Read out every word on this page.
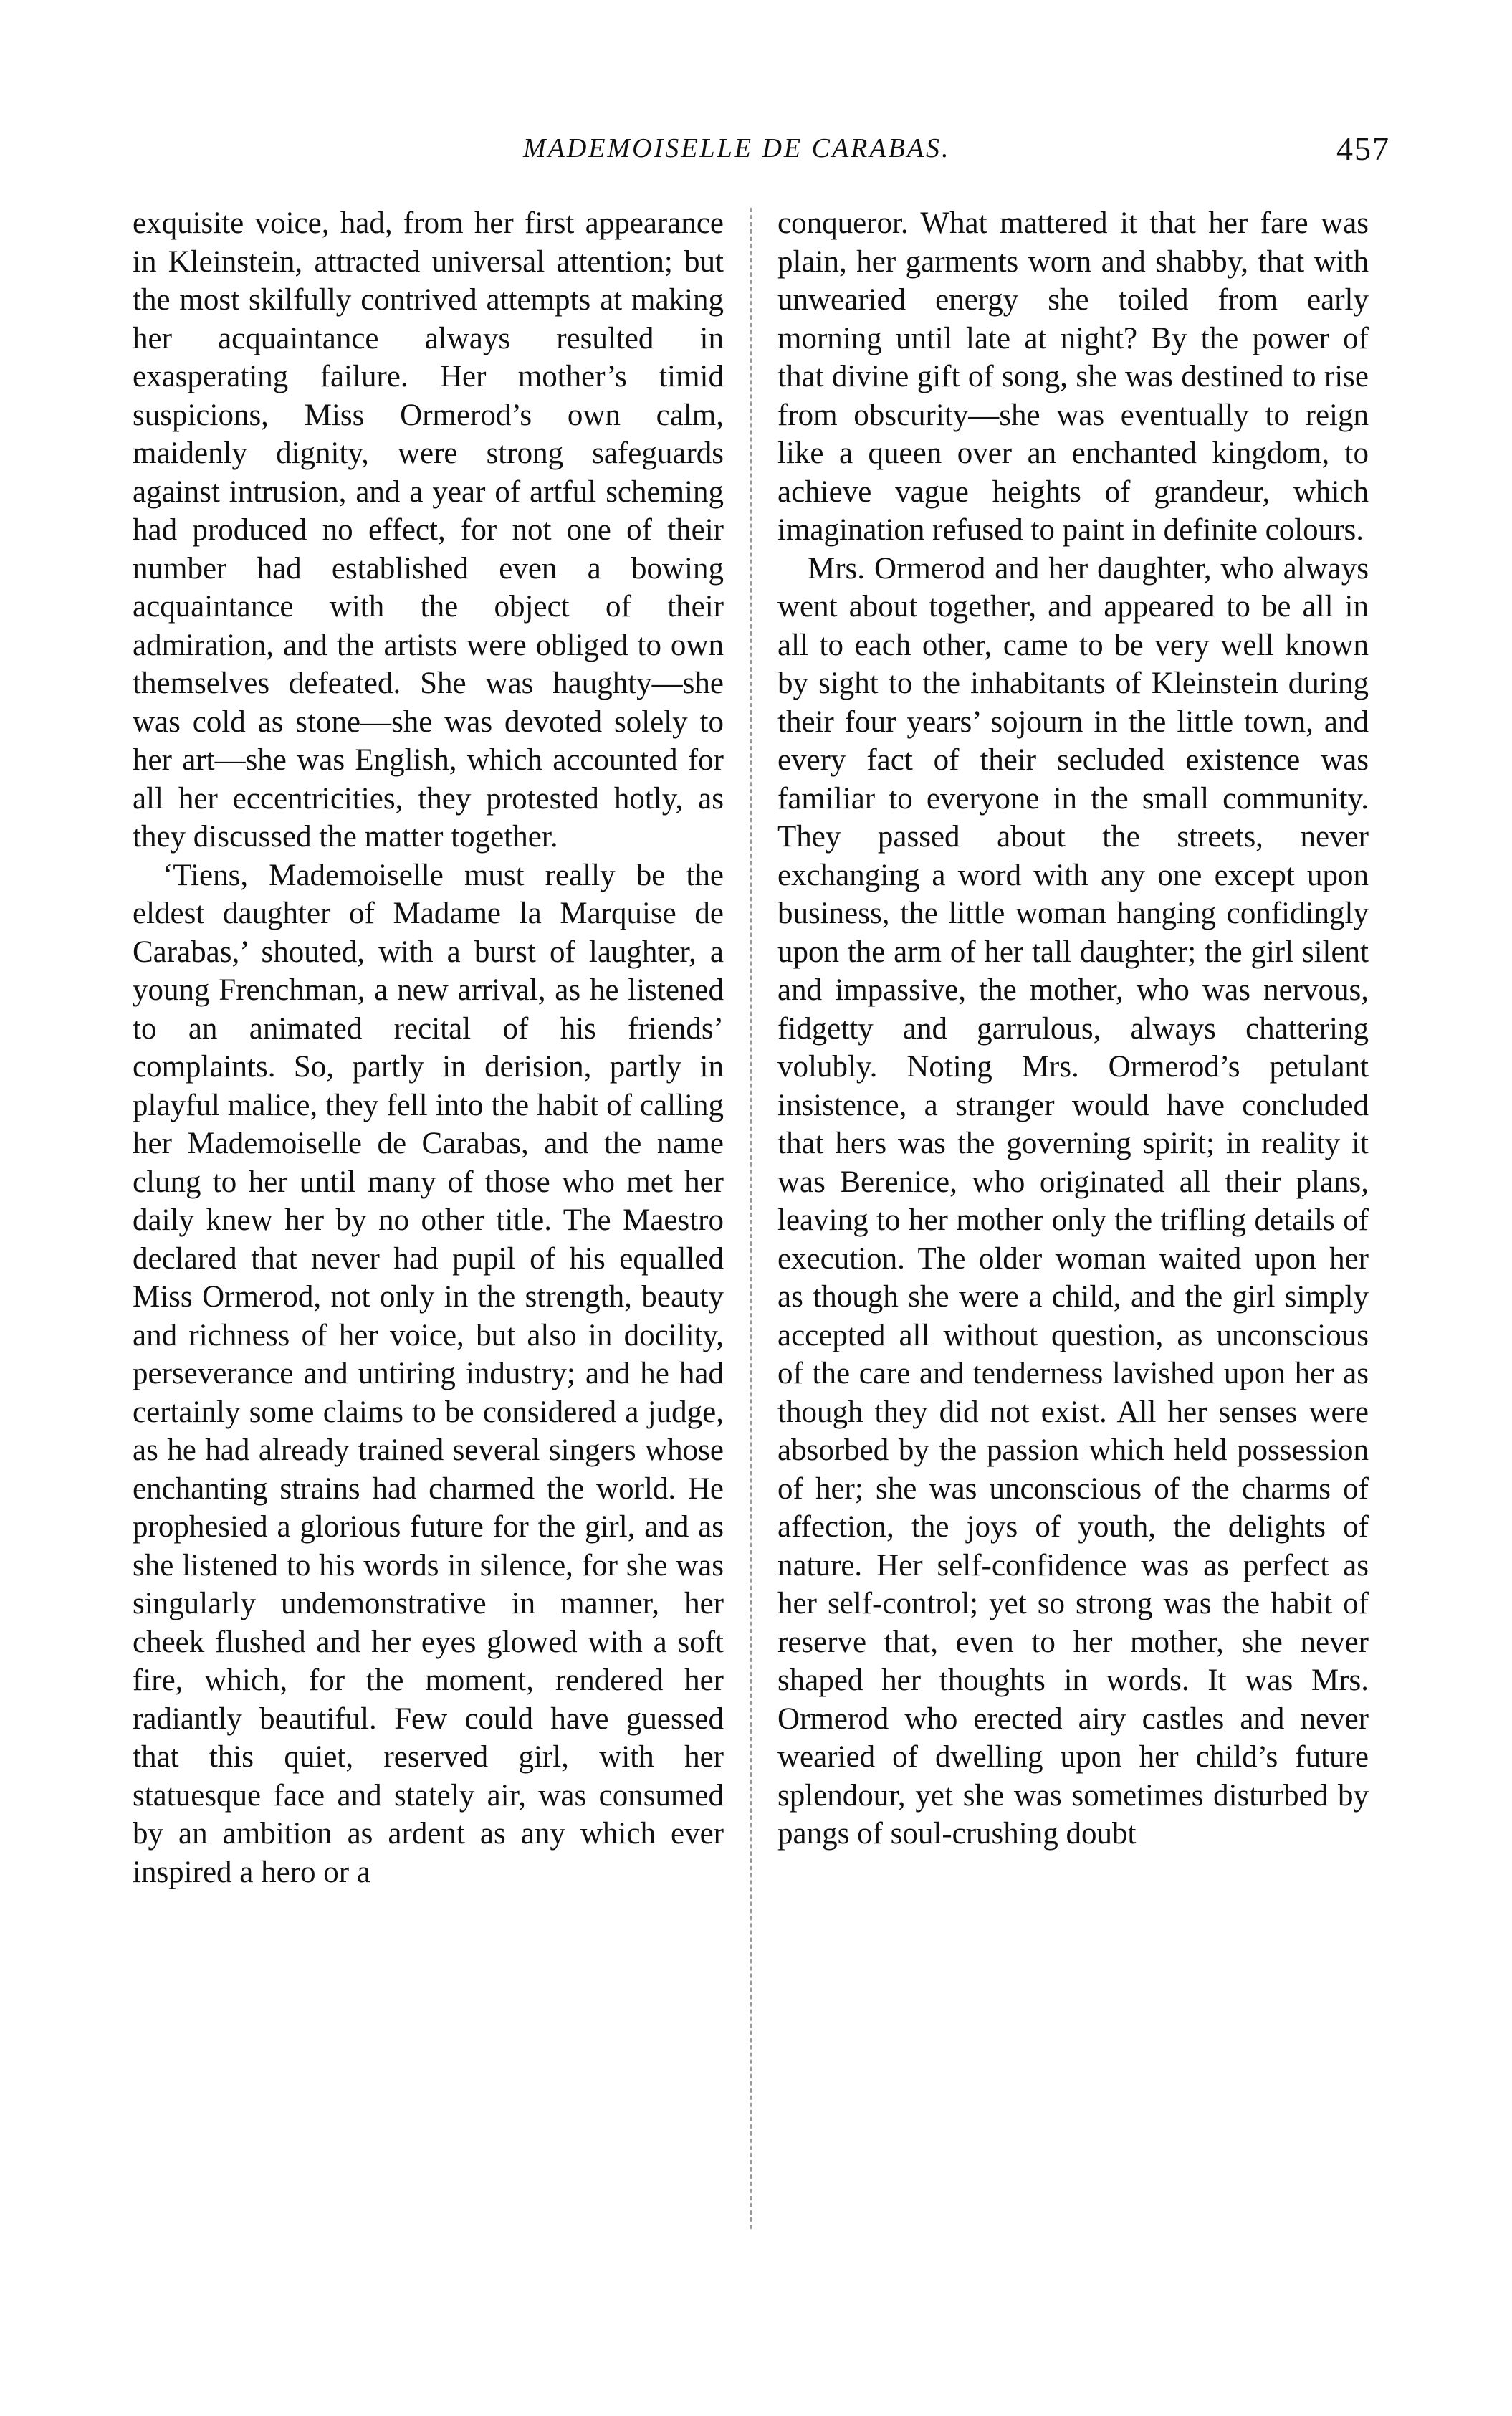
MADEMOISELLE DE CARABAS.	457

exquisite voice, had, from her first appearance in Kleinstein, attracted universal attention; but the most skilfully contrived attempts at making her acquaintance always resulted in exasperating failure. Her mother’s timid suspicions, Miss Ormerod’s own calm, maidenly dignity, were strong safeguards against intrusion, and a year of artful scheming had produced no effect, for not one of their number had established even a bowing acquaintance with the object of their admiration, and the artists were obliged to own themselves defeated. She was haughty—she was cold as stone—she was devoted solely to her art—she was English, which accounted for all her eccentricities, they protested hotly, as they discussed the matter together.

‘Tiens, Mademoiselle must really be the eldest daughter of Madame la Marquise de Carabas,’ shouted, with a burst of laughter, a young Frenchman, a new arrival, as he listened to an animated recital of his friends’ complaints. So, partly in derision, partly in playful malice, they fell into the habit of calling her Mademoiselle de Carabas, and the name clung to her until many of those who met her daily knew her by no other title. The Maestro declared that never had pupil of his equalled Miss Ormerod, not only in the strength, beauty and richness of her voice, but also in docility, perseverance and untiring industry; and he had certainly some claims to be considered a judge, as he had already trained several singers whose enchanting strains had charmed the world. He prophesied a glorious future for the girl, and as she listened to his words in silence, for she was singularly undemonstrative in manner, her cheek flushed and her eyes glowed with a soft fire, which, for the moment, rendered her radiantly beautiful. Few could have guessed that this quiet, reserved girl, with her statuesque face and stately air, was consumed by an ambition as ardent as any which ever inspired a hero or a

conqueror. What mattered it that her fare was plain, her garments worn and shabby, that with unwearied energy she toiled from early morning until late at night? By the power of that divine gift of song, she was destined to rise from obscurity—she was eventually to reign like a queen over an enchanted kingdom, to achieve vague heights of grandeur, which imagination refused to paint in definite colours.

Mrs. Ormerod and her daughter, who always went about together, and appeared to be all in all to each other, came to be very well known by sight to the inhabitants of Kleinstein during their four years’ sojourn in the little town, and every fact of their secluded existence was familiar to everyone in the small community. They passed about the streets, never exchanging a word with any one except upon business, the little woman hanging confidingly upon the arm of her tall daughter; the girl silent and impassive, the mother, who was nervous, fidgetty and garrulous, always chattering volubly. Noting Mrs. Ormerod’s petulant insistence, a stranger would have concluded that hers was the governing spirit; in reality it was Berenice, who originated all their plans, leaving to her mother only the trifling details of execution. The older woman waited upon her as though she were a child, and the girl simply accepted all without question, as unconscious of the care and tenderness lavished upon her as though they did not exist. All her senses were absorbed by the passion which held possession of her; she was unconscious of the charms of affection, the joys of youth, the delights of nature. Her self-confidence was as perfect as her self-control; yet so strong was the habit of reserve that, even to her mother, she never shaped her thoughts in words. It was Mrs. Ormerod who erected airy castles and never wearied of dwelling upon her child’s future splendour, yet she was sometimes disturbed by pangs of soul-crushing doubt
